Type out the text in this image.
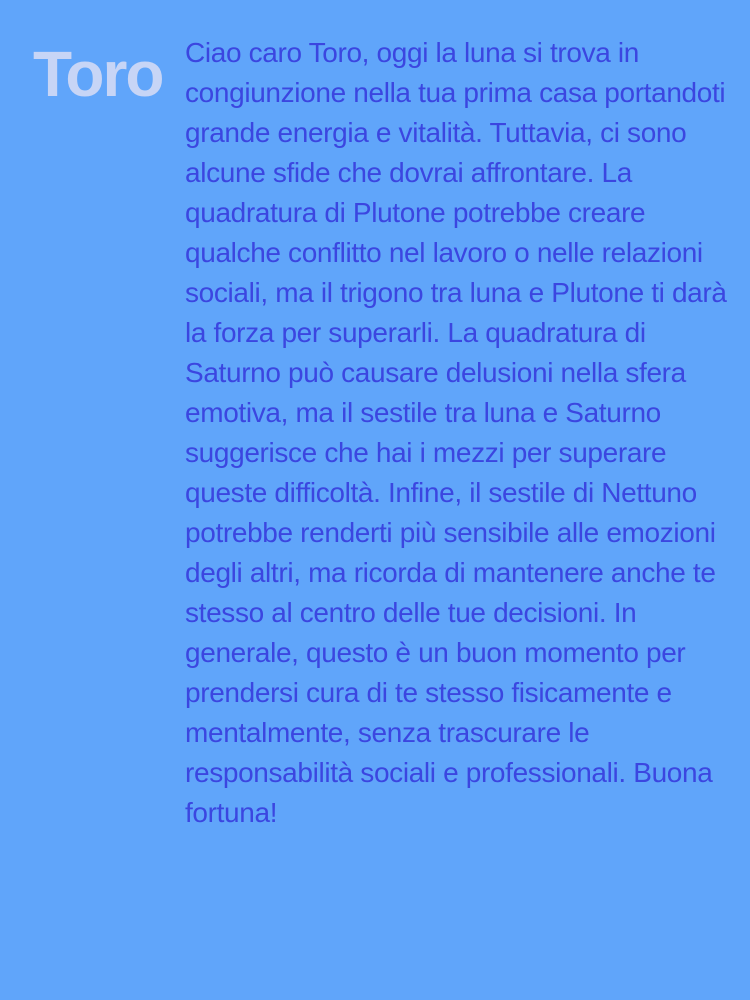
Toro Ciao caro Toro, oggi la luna si trova in congiunzione nella tua prima casa portandoti grande energia e vitalità. Tuttavia, ci sono alcune sfide che dovrai affrontare. La quadratura di Plutone potrebbe creare qualche conflitto nel lavoro o nelle relazioni sociali, ma il trigono tra luna e Plutone ti darà la forza per superarli. La quadratura di Saturno può causare delusioni nella sfera emotiva, ma il sestile tra luna e Saturno suggerisce che hai i mezzi per superare queste difficoltà. Infine, il sestile di Nettuno potrebbe renderti più sensibile alle emozioni degli altri, ma ricorda di mantenere anche te stesso al centro delle tue decisioni. In generale, questo è un buon momento per prendersi cura di te stesso fisicamente e mentalmente, senza trascurare le responsabilità sociali e professionali. Buona fortuna!
